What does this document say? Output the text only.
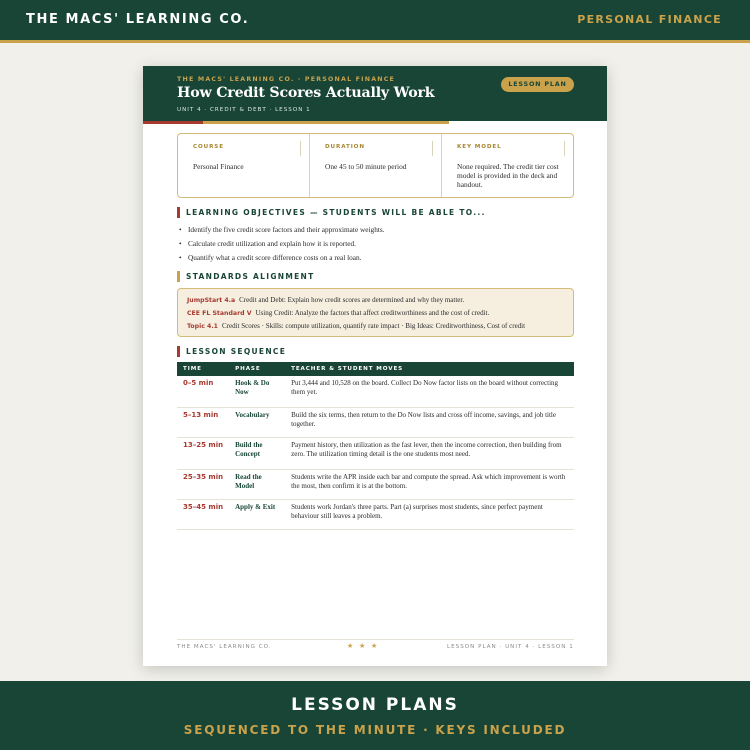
THE MACS' LEARNING CO.	PERSONAL FINANCE
THE MACS' LEARNING CO. · PERSONAL FINANCE
How Credit Scores Actually Work
UNIT 4 · CREDIT & DEBT · LESSON 1
LESSON PLAN
COURSE
Personal Finance
DURATION
One 45 to 50 minute period
KEY MODEL
None required. The credit tier cost model is provided in the deck and handout.
LEARNING OBJECTIVES — STUDENTS WILL BE ABLE TO...
• Identify the five credit score factors and their approximate weights.
• Calculate credit utilization and explain how it is reported.
• Quantify what a credit score difference costs on a real loan.
STANDARDS ALIGNMENT
JumpStart 4.a Credit and Debt: Explain how credit scores are determined and why they matter.
CEE FL Standard V Using Credit: Analyze the factors that affect creditworthiness and the cost of credit.
Topic 4.1 Credit Scores · Skills: compute utilization, quantify rate impact · Big Ideas: Creditworthiness, Cost of credit
LESSON SEQUENCE
TIME	PHASE	TEACHER & STUDENT MOVES
0–5 min	Hook & Do Now	Put 3,444 and 10,528 on the board. Collect Do Now factor lists on the board without correcting them yet.
5–13 min	Vocabulary	Build the six terms, then return to the Do Now lists and cross off income, savings, and job title together.
13–25 min	Build the Concept	Payment history, then utilization as the fast lever, then the income correction, then building from zero. The utilization timing detail is the one students most need.
25–35 min	Read the Model	Students write the APR inside each bar and compute the spread. Ask which improvement is worth the most, then confirm it is at the bottom.
35–45 min	Apply & Exit	Students work Jordan's three parts. Part (a) surprises most students, since perfect payment behaviour still leaves a problem.
THE MACS' LEARNING CO.	★ ★ ★	LESSON PLAN · UNIT 4 · LESSON 1
LESSON PLANS
SEQUENCED TO THE MINUTE · KEYS INCLUDED
